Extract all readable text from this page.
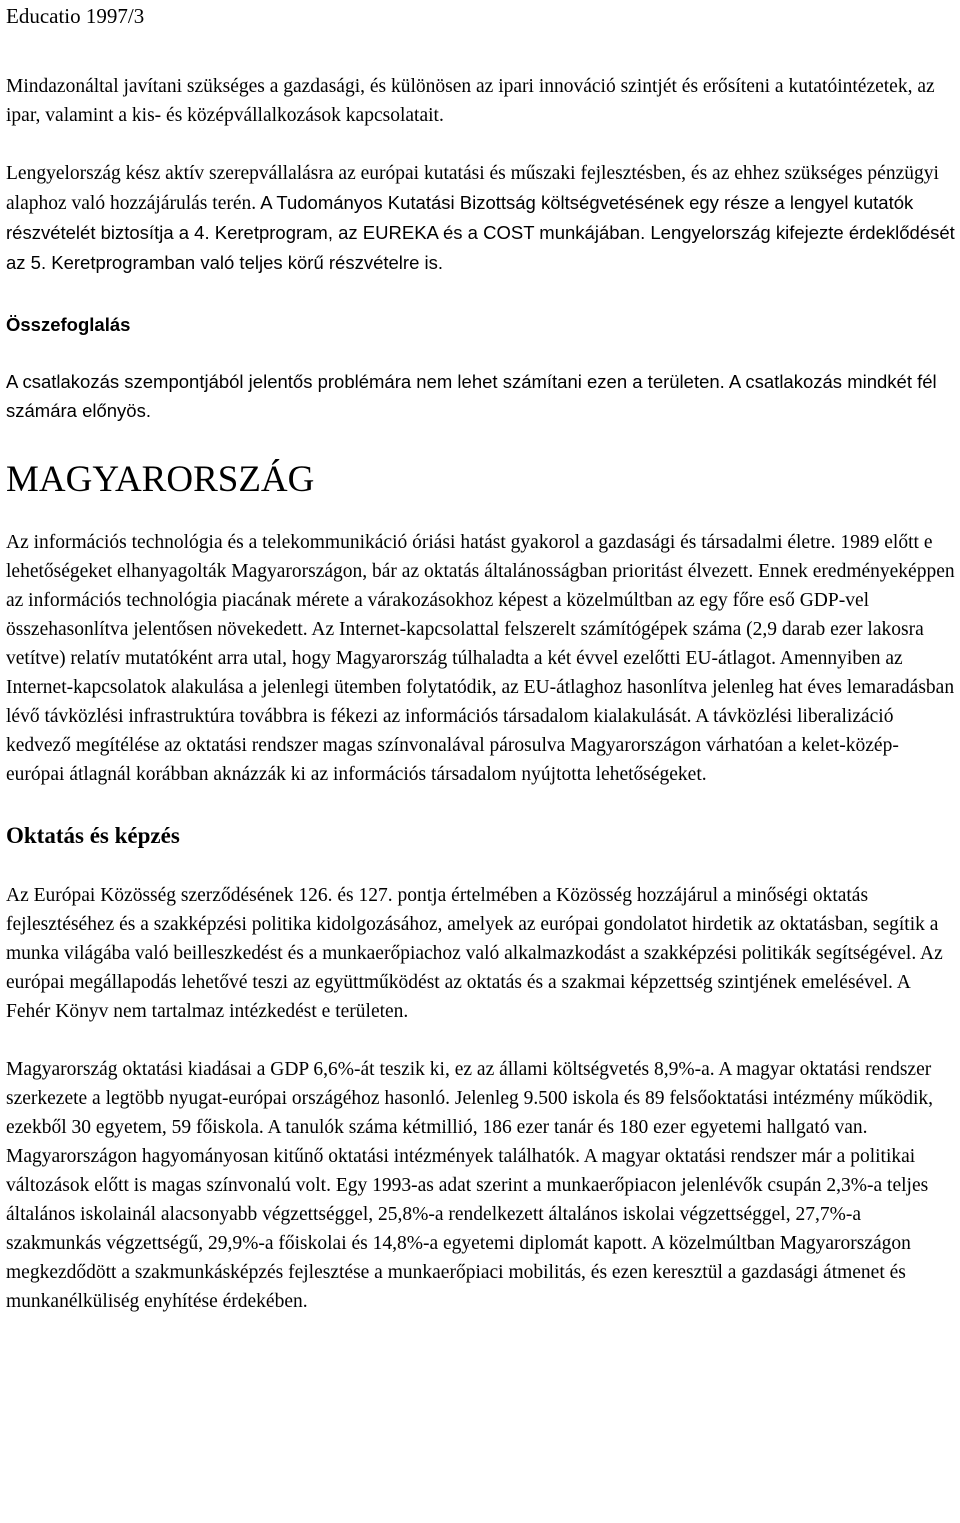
Educatio 1997/3

Mindazonáltal javítani szükséges a gazdasági, és különösen az ipari innováció szintjét és erősíteni a kutatóintézetek, az ipar, valamint a kis- és középvállalkozások kapcsolatait.

Lengyelország kész aktív szerepvállalásra az európai kutatási és műszaki fejlesztésben, és az ehhez szükséges pénzügyi alaphoz való hozzájárulás terén. A Tudományos Kutatási Bizottság költségvetésének egy része a lengyel kutatók részvételét biztosítja a 4. Keretprogram, az EUREKA és a COST munkájában. Lengyelország kifejezte érdeklődését az 5. Keretprogramban való teljes körű részvételre is.

Összefoglalás

A csatlakozás szempontjából jelentős problémára nem lehet számítani ezen a területen. A csatlakozás mindkét fél számára előnyös.

MAGYARORSZÁG

Az információs technológia és a telekommunikáció óriási hatást gyakorol a gazdasági és társadalmi életre. 1989 előtt e lehetőségeket elhanyagolták Magyarországon, bár az oktatás általánosságban prioritást élvezett. Ennek eredményeképpen az információs technológia piacának mérete a várakozásokhoz képest a közelmúltban az egy főre eső GDP-vel összehasonlítva jelentősen növekedett. Az Internet-kapcsolattal felszerelt számítógépek száma (2,9 darab ezer lakosra vetítve) relatív mutatóként arra utal, hogy Magyarország túlhaladta a két évvel ezelőtti EU-átlagot. Amennyiben az Internet-kapcsolatok alakulása a jelenlegi ütemben folytatódik, az EU-átlaghoz hasonlítva jelenleg hat éves lemaradásban lévő távközlési infrastruktúra továbbra is fékezi az információs társadalom kialakulását. A távközlési liberalizáció kedvező megítélése az oktatási rendszer magas színvonalával párosulva Magyarországon várhatóan a kelet-közép-európai átlagnál korábban aknázzák ki az információs társadalom nyújtotta lehetőségeket.

Oktatás és képzés

Az Európai Közösség szerződésének 126. és 127. pontja értelmében a Közösség hozzájárul a minőségi oktatás fejlesztéséhez és a szakképzési politika kidolgozásához, amelyek az európai gondolatot hirdetik az oktatásban, segítik a munka világába való beilleszkedést és a munkaerőpiachoz való alkalmazkodást a szakképzési politikák segítségével. Az európai megállapodás lehetővé teszi az együttműködést az oktatás és a szakmai képzettség szintjének emelésével. A Fehér Könyv nem tartalmaz intézkedést e területen.

Magyarország oktatási kiadásai a GDP 6,6%-át teszik ki, ez az állami költségvetés 8,9%-a. A magyar oktatási rendszer szerkezete a legtöbb nyugat-európai országéhoz hasonló. Jelenleg 9.500 iskola és 89 felsőoktatási intézmény működik, ezekből 30 egyetem, 59 főiskola. A tanulók száma kétmillió, 186 ezer tanár és 180 ezer egyetemi hallgató van. Magyarországon hagyományosan kitűnő oktatási intézmények találhatók. A magyar oktatási rendszer már a politikai változások előtt is magas színvonalú volt. Egy 1993-as adat szerint a munkaerőpiacon jelenlévők csupán 2,3%-a teljes általános iskolainál alacsonyabb végzettséggel, 25,8%-a rendelkezett általános iskolai végzettséggel, 27,7%-a szakmunkás végzettségű, 29,9%-a főiskolai és 14,8%-a egyetemi diplomát kapott. A közelmúltban Magyarországon megkezdődött a szakmunkásképzés fejlesztése a munkaerőpiaci mobilitás, és ezen keresztül a gazdasági átmenet és munkanélküliség enyhítése érdekében.
